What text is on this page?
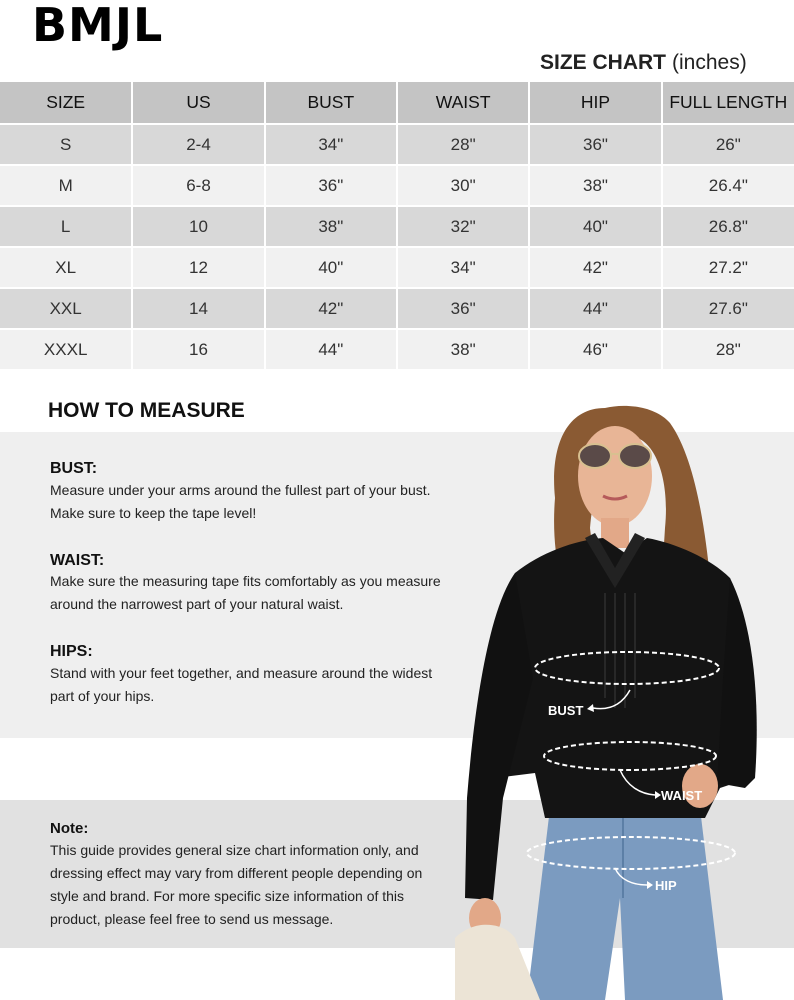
BMJL
SIZE CHART (inches)
SIZE	US	BUST	WAIST	HIP	FULL LENGTH
S	2-4	34"	28"	36"	26"
M	6-8	36"	30"	38"	26.4"
L	10	38"	32"	40"	26.8"
XL	12	40"	34"	42"	27.2"
XXL	14	42"	36"	44"	27.6"
XXXL	16	44"	38"	46"	28"
HOW TO MEASURE
BUST:
Measure under your arms around the fullest part of your bust.
Make sure to keep the tape level!
WAIST:
Make sure the measuring tape fits comfortably as you measure
around the narrowest part of your natural waist.
HIPS:
Stand with your feet together, and measure around the widest
part of your hips.
Note:
This guide provides general size chart information only, and
dressing effect may vary from different people depending on
style and brand. For more specific size information of this
product, please feel free to send us message.
BUST
WAIST
HIP
